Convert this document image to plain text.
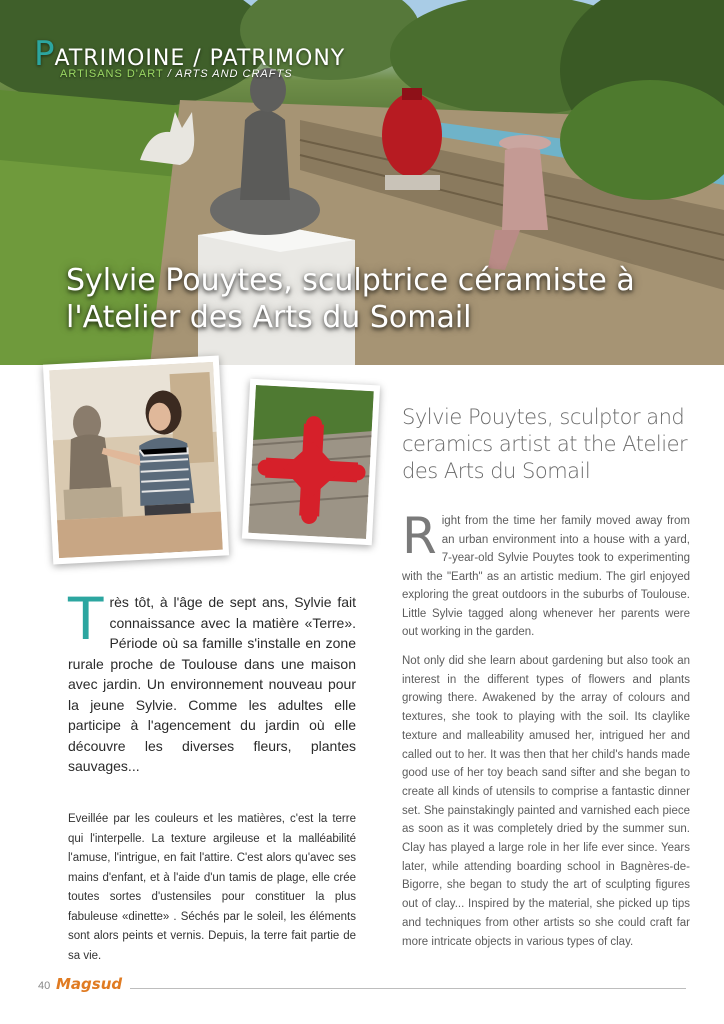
PATRIMOINE / PATRIMONY
ARTISANS D'ART / ARTS AND CRAFTS
Sylvie Pouytes, sculptrice céramiste à l'Atelier des Arts du Somail
Très tôt, à l'âge de sept ans, Sylvie fait connaissance avec la matière «Terre». Période où sa famille s'installe en zone rurale proche de Toulouse dans une maison avec jardin. Un environnement nouveau pour la jeune Sylvie. Comme les adultes elle participe à l'agencement du jardin où elle découvre les diverses fleurs, plantes sauvages...
Eveillée par les couleurs et les matières, c'est la terre qui l'interpelle. La texture argileuse et la malléabilité l'amuse, l'intrigue, en fait l'attire. C'est alors qu'avec ses mains d'enfant, et à l'aide d'un tamis de plage, elle crée toutes sortes d'ustensiles pour constituer la plus fabuleuse «dinette» . Séchés par le soleil, les éléments sont alors peints et vernis. Depuis, la terre fait partie de sa vie.
Sylvie Pouytes, sculptor and ceramics artist at the Atelier des Arts du Somail
Right from the time her family moved away from an urban environment into a house with a yard, 7-year-old Sylvie Pouytes took to experimenting with the "Earth" as an artistic medium. The girl enjoyed exploring the great outdoors in the suburbs of Toulouse. Little Sylvie tagged along whenever her parents were out working in the garden.
Not only did she learn about gardening but also took an interest in the different types of flowers and plants growing there. Awakened by the array of colours and textures, she took to playing with the soil. Its claylike texture and malleability amused her, intrigued her and called out to her. It was then that her child's hands made good use of her toy beach sand sifter and she began to create all kinds of utensils to comprise a fantastic dinner set. She painstakingly painted and varnished each piece as soon as it was completely dried by the summer sun. Clay has played a large role in her life ever since. Years later, while attending boarding school in Bagnères-de-Bigorre, she began to study the art of sculpting figures out of clay... Inspired by the material, she picked up tips and techniques from other artists so she could craft far more intricate objects in various types of clay.
40 Magsud
